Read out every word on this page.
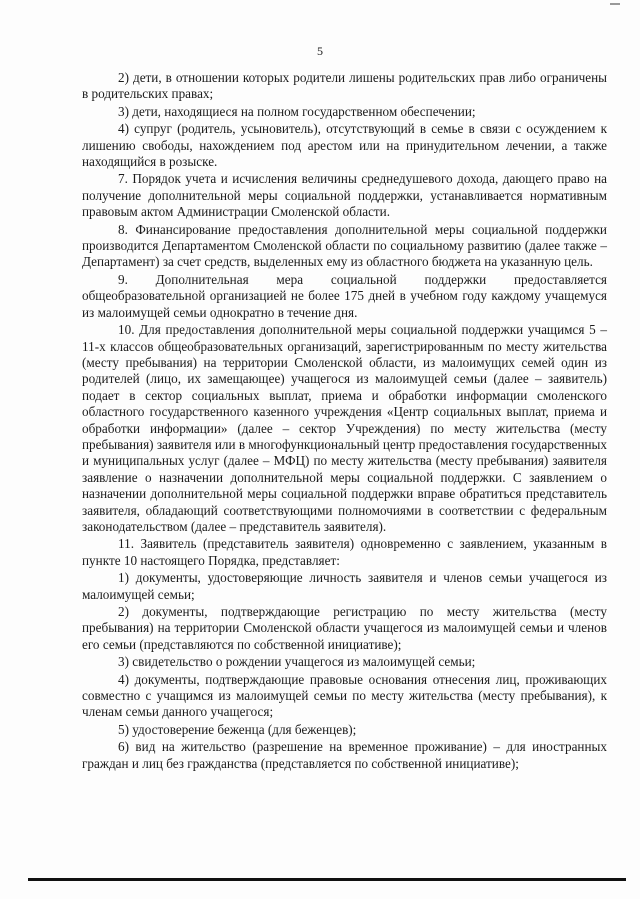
5

2) дети, в отношении которых родители лишены родительских прав либо ограничены в родительских правах;

3) дети, находящиеся на полном государственном обеспечении;

4) супруг (родитель, усыновитель), отсутствующий в семье в связи с осуждением к лишению свободы, нахождением под арестом или на принудительном лечении, а также находящийся в розыске.

7. Порядок учета и исчисления величины среднедушевого дохода, дающего право на получение дополнительной меры социальной поддержки, устанавливается нормативным правовым актом Администрации Смоленской области.

8. Финансирование предоставления дополнительной меры социальной поддержки производится Департаментом Смоленской области по социальному развитию (далее также – Департамент) за счет средств, выделенных ему из областного бюджета на указанную цель.

9. Дополнительная мера социальной поддержки предоставляется общеобразовательной организацией не более 175 дней в учебном году каждому учащемуся из малоимущей семьи однократно в течение дня.

10. Для предоставления дополнительной меры социальной поддержки учащимся 5 – 11-х классов общеобразовательных организаций, зарегистрированным по месту жительства (месту пребывания) на территории Смоленской области, из малоимущих семей один из родителей (лицо, их замещающее) учащегося из малоимущей семьи (далее – заявитель) подает в сектор социальных выплат, приема и обработки информации смоленского областного государственного казенного учреждения «Центр социальных выплат, приема и обработки информации» (далее – сектор Учреждения) по месту жительства (месту пребывания) заявителя или в многофункциональный центр предоставления государственных и муниципальных услуг (далее – МФЦ) по месту жительства (месту пребывания) заявителя заявление о назначении дополнительной меры социальной поддержки. С заявлением о назначении дополнительной меры социальной поддержки вправе обратиться представитель заявителя, обладающий соответствующими полномочиями в соответствии с федеральным законодательством (далее – представитель заявителя).

11. Заявитель (представитель заявителя) одновременно с заявлением, указанным в пункте 10 настоящего Порядка, представляет:

1) документы, удостоверяющие личность заявителя и членов семьи учащегося из малоимущей семьи;

2) документы, подтверждающие регистрацию по месту жительства (месту пребывания) на территории Смоленской области учащегося из малоимущей семьи и членов его семьи (представляются по собственной инициативе);

3) свидетельство о рождении учащегося из малоимущей семьи;

4) документы, подтверждающие правовые основания отнесения лиц, проживающих совместно с учащимся из малоимущей семьи по месту жительства (месту пребывания), к членам семьи данного учащегося;

5) удостоверение беженца (для беженцев);

6) вид на жительство (разрешение на временное проживание) – для иностранных граждан и лиц без гражданства (представляется по собственной инициативе);
